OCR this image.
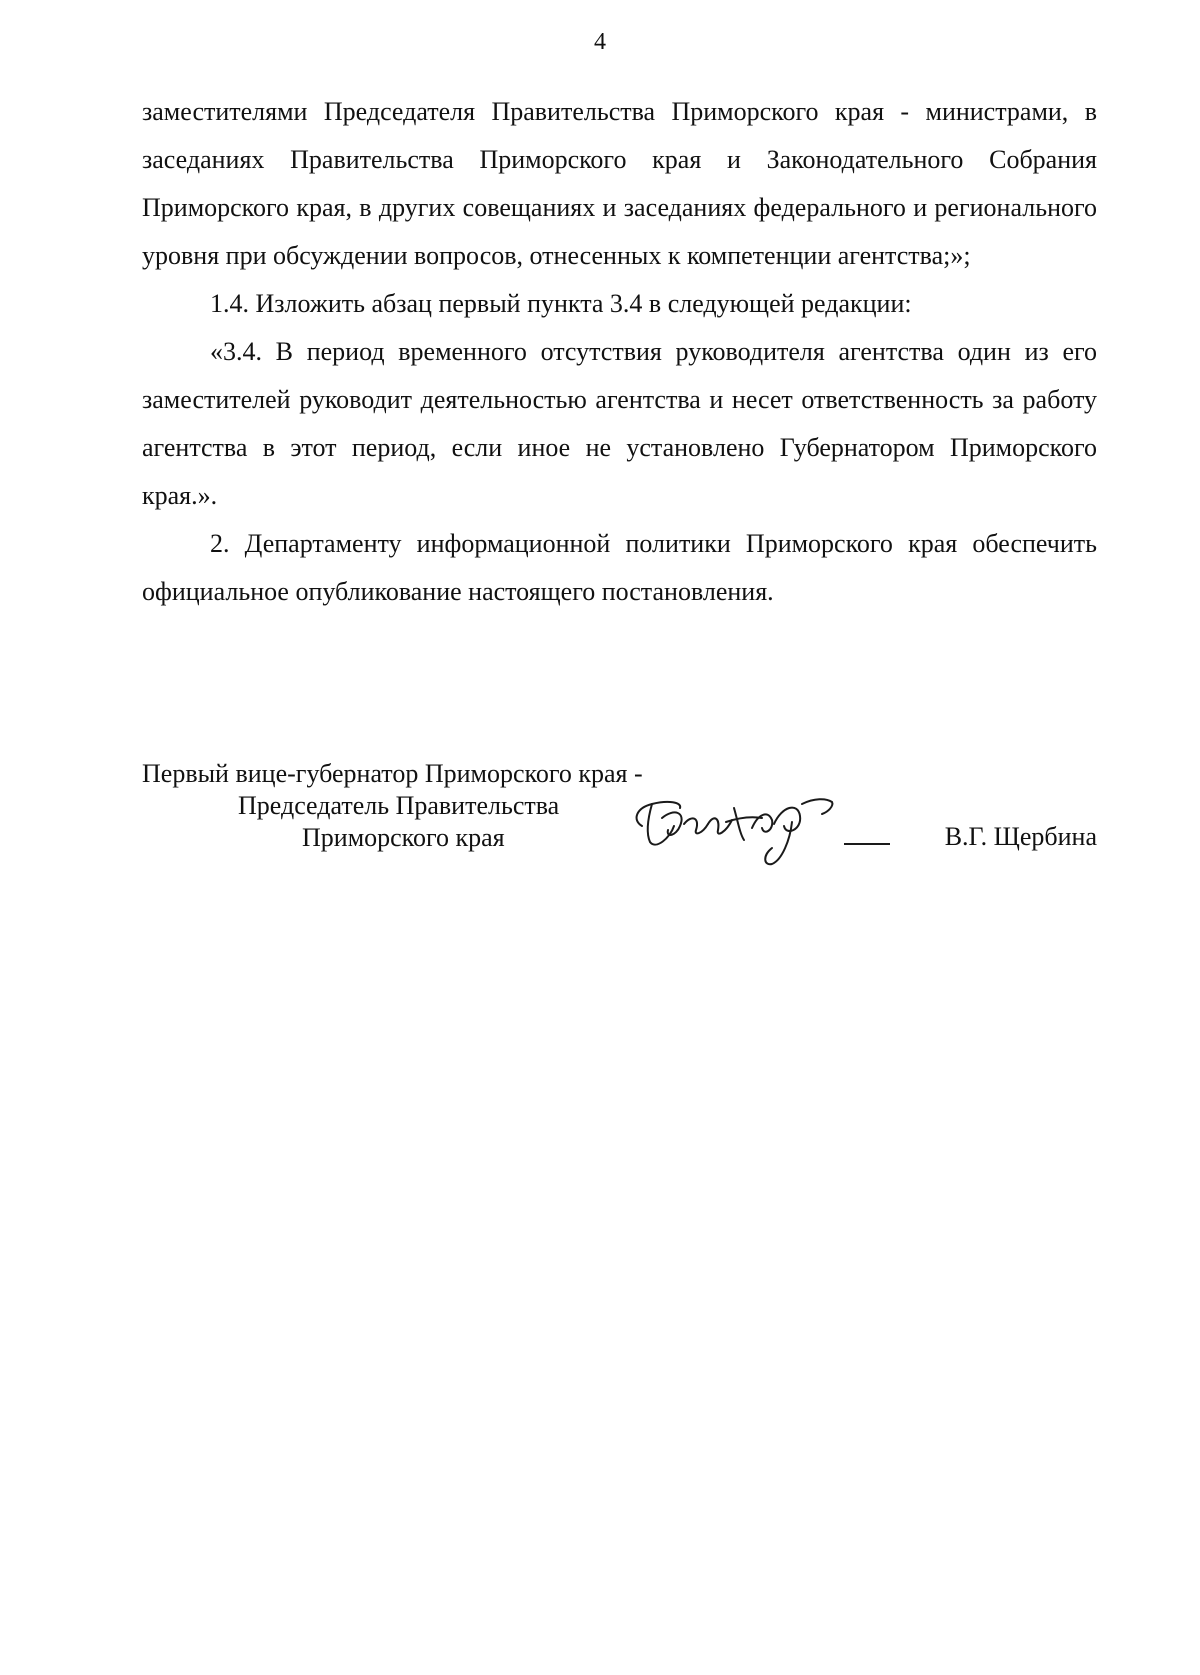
4

заместителями Председателя Правительства Приморского края - министрами, в заседаниях Правительства Приморского края и Законодательного Собрания Приморского края, в других совещаниях и заседаниях федерального и регионального уровня при обсуждении вопросов, отнесенных к компетенции агентства;»;

1.4. Изложить абзац первый пункта 3.4 в следующей редакции:

«3.4. В период временного отсутствия руководителя агентства один из его заместителей руководит деятельностью агентства и несет ответственность за работу агентства в этот период, если иное не установлено Губернатором Приморского края.».

2. Департаменту информационной политики Приморского края обеспечить официальное опубликование настоящего постановления.

Первый вице-губернатор Приморского края -
Председатель Правительства
Приморского края	В.Г. Щербина
